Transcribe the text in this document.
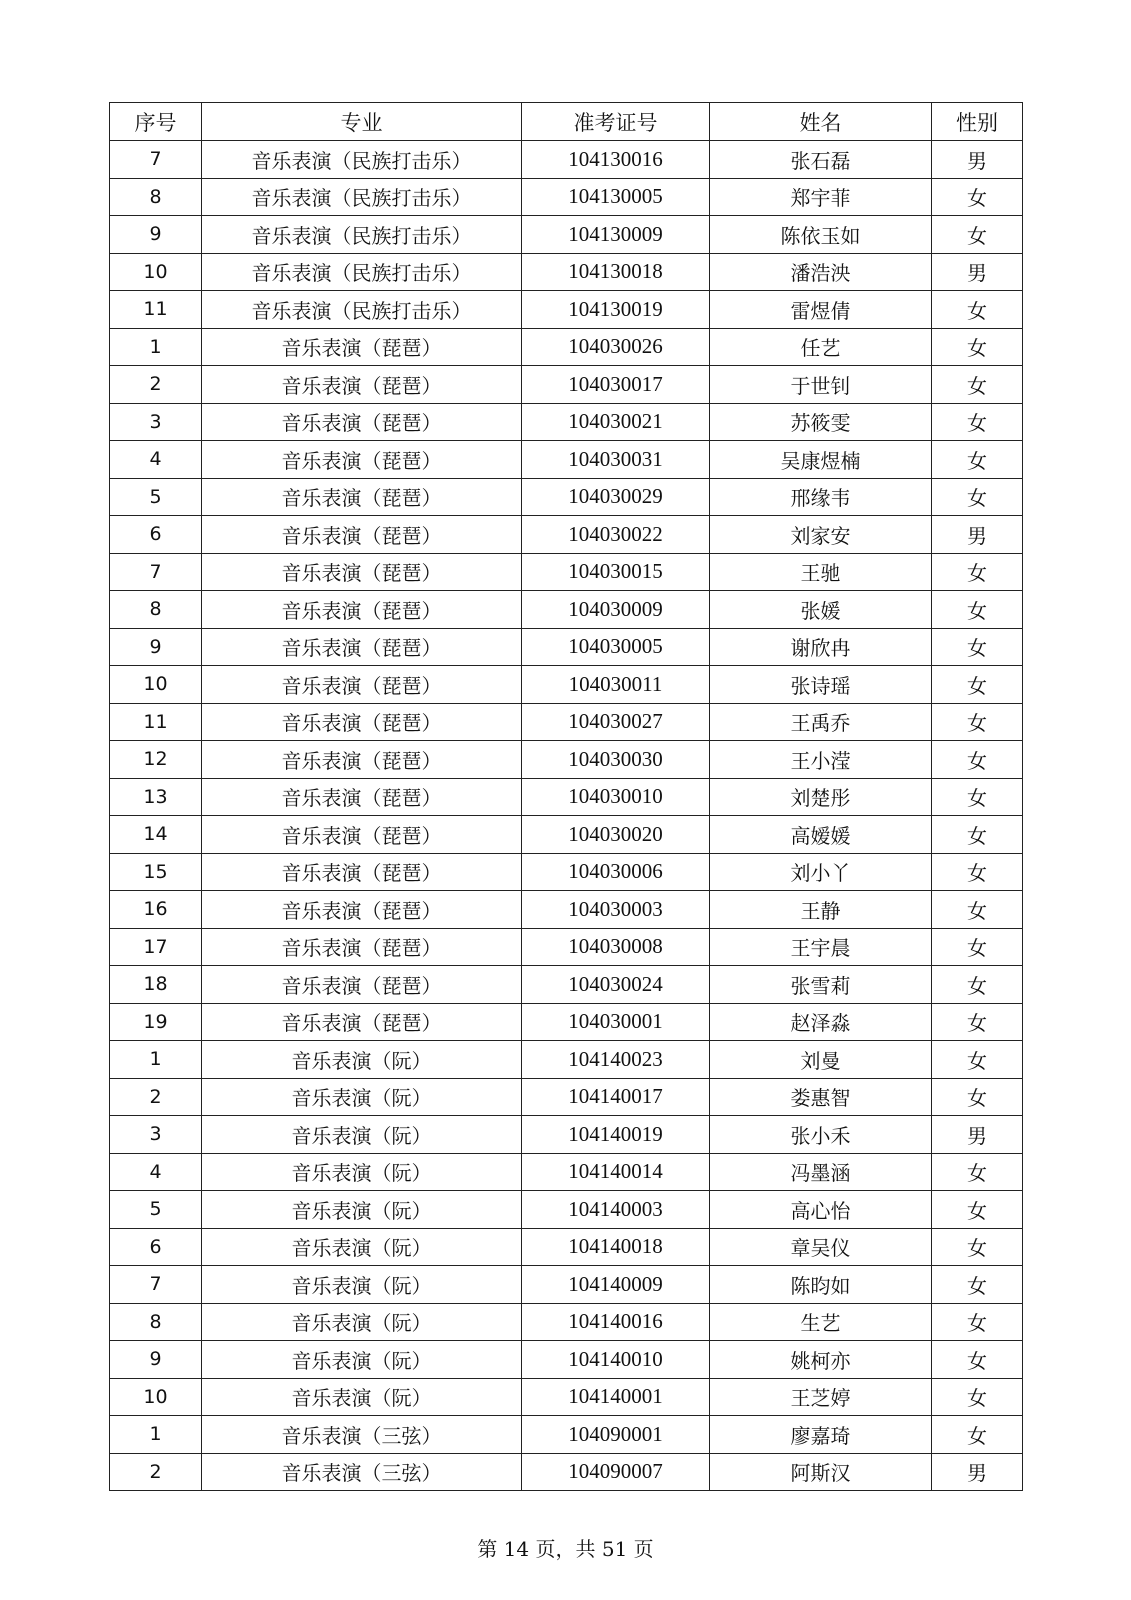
序号	专业	准考证号	姓名	性别
7	音乐表演（民族打击乐）	104130016	张石磊	男
8	音乐表演（民族打击乐）	104130005	郑宇菲	女
9	音乐表演（民族打击乐）	104130009	陈依玉如	女
10	音乐表演（民族打击乐）	104130018	潘浩泱	男
11	音乐表演（民族打击乐）	104130019	雷煜倩	女
1	音乐表演（琵琶）	104030026	任艺	女
2	音乐表演（琵琶）	104030017	于世钊	女
3	音乐表演（琵琶）	104030021	苏筱雯	女
4	音乐表演（琵琶）	104030031	吴康煜楠	女
5	音乐表演（琵琶）	104030029	邢缘韦	女
6	音乐表演（琵琶）	104030022	刘家安	男
7	音乐表演（琵琶）	104030015	王驰	女
8	音乐表演（琵琶）	104030009	张媛	女
9	音乐表演（琵琶）	104030005	谢欣冉	女
10	音乐表演（琵琶）	104030011	张诗瑶	女
11	音乐表演（琵琶）	104030027	王禹乔	女
12	音乐表演（琵琶）	104030030	王小滢	女
13	音乐表演（琵琶）	104030010	刘楚彤	女
14	音乐表演（琵琶）	104030020	高嫒媛	女
15	音乐表演（琵琶）	104030006	刘小丫	女
16	音乐表演（琵琶）	104030003	王静	女
17	音乐表演（琵琶）	104030008	王宇晨	女
18	音乐表演（琵琶）	104030024	张雪莉	女
19	音乐表演（琵琶）	104030001	赵泽淼	女
1	音乐表演（阮）	104140023	刘曼	女
2	音乐表演（阮）	104140017	娄惠智	女
3	音乐表演（阮）	104140019	张小禾	男
4	音乐表演（阮）	104140014	冯墨涵	女
5	音乐表演（阮）	104140003	高心怡	女
6	音乐表演（阮）	104140018	章吴仪	女
7	音乐表演（阮）	104140009	陈昀如	女
8	音乐表演（阮）	104140016	生艺	女
9	音乐表演（阮）	104140010	姚柯亦	女
10	音乐表演（阮）	104140001	王芝婷	女
1	音乐表演（三弦）	104090001	廖嘉琦	女
2	音乐表演（三弦）	104090007	阿斯汉	男
第 14 页，共 51 页
